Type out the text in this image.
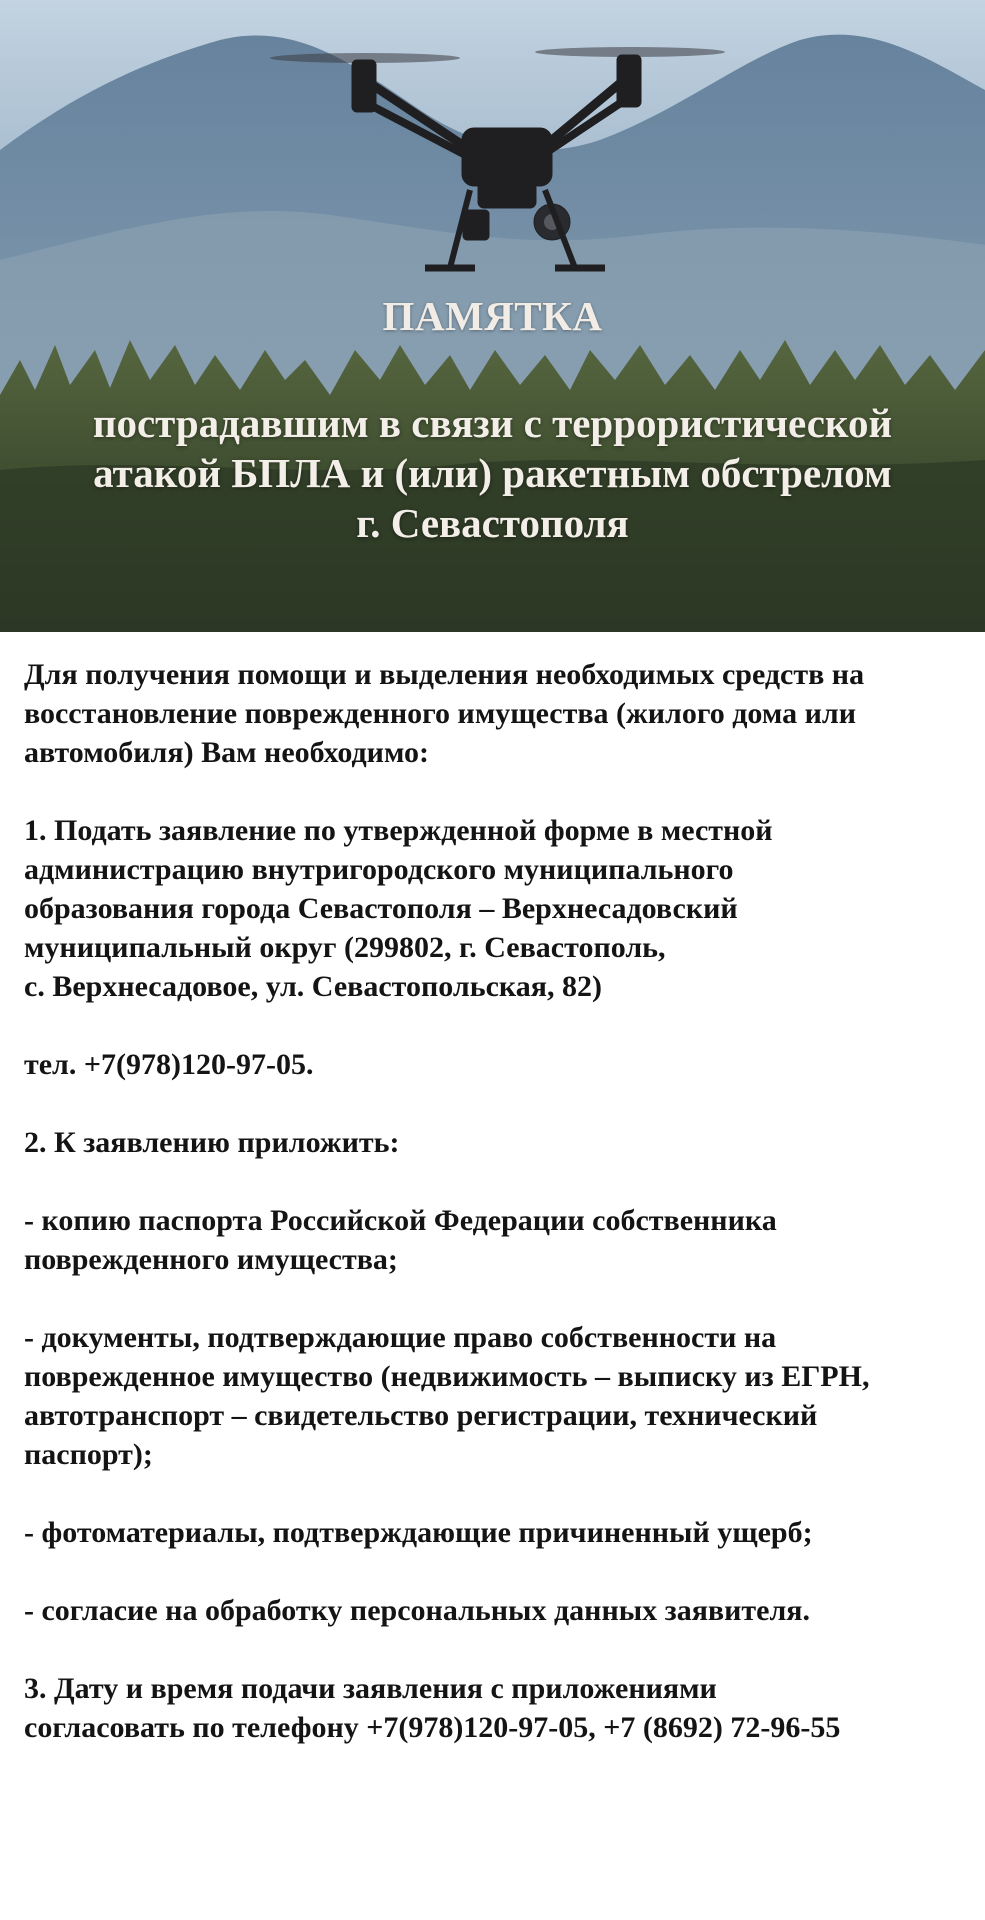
ПАМЯТКА
пострадавшим в связи с террористической
атакой БПЛА и (или) ракетным обстрелом
г. Севастополя
Для получения помощи и выделения необходимых средств на
восстановление поврежденного имущества (жилого дома или
автомобиля) Вам необходимо:
1. Подать заявление по утвержденной форме в местной
администрацию внутригородского муниципального
образования города Севастополя – Верхнесадовский
муниципальный округ (299802, г. Севастополь,
с. Верхнесадовое, ул. Севастопольская, 82)
тел. +7(978)120-97-05.
2. К заявлению приложить:
- копию паспорта Российской Федерации собственника
поврежденного имущества;
- документы, подтверждающие право собственности на
поврежденное имущество (недвижимость – выписку из ЕГРН,
автотранспорт – свидетельство регистрации, технический
паспорт);
- фотоматериалы, подтверждающие причиненный ущерб;
- согласие на обработку персональных данных заявителя.
3. Дату и время подачи заявления с приложениями
согласовать по телефону +7(978)120-97-05, +7 (8692) 72-96-55
